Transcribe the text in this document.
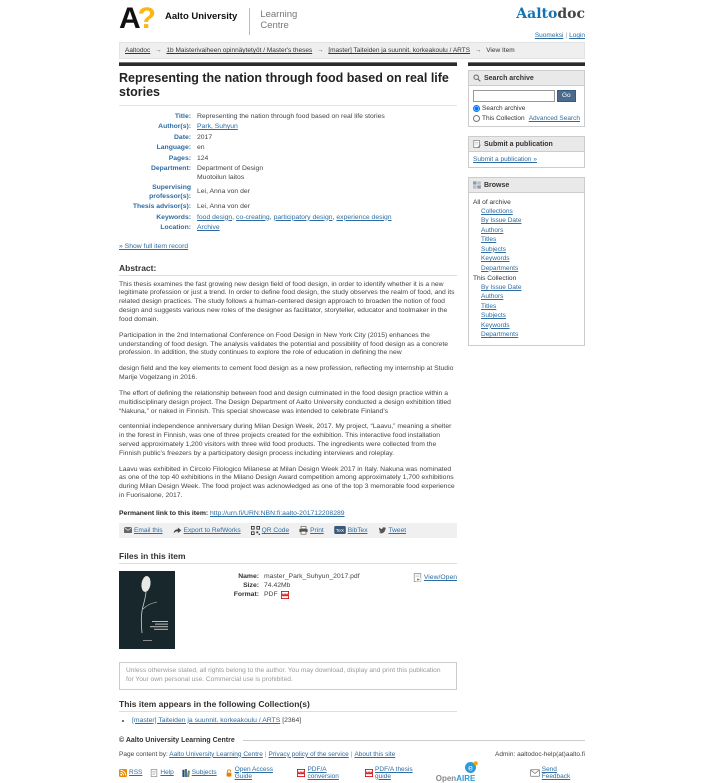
A
? Aalto University Learning
Centre
Aaltodoc
Suomeksi | Login
Aaltodoc → 1b Maisterivaiheen opinnäytetyöt / Master's theses → [master] Taiteiden ja suunnit. korkeakoulu / ARTS → View Item
Representing the nation through food based on real life stories
Title: Representing the nation through food based on real life stories
Author(s): Park, Suhyun
Date: 2017
Language: en
Pages: 124
Department: Department of Design
Muotoilun laitos
Supervising professor(s):
Lei, Anna von der
Thesis advisor(s): Lei, Anna von der
Keywords: food design, co-creating, participatory design, experience design
Location: Archive
» Show full item record
Abstract:

This thesis examines the fast growing new design field of food design, in order to identify whether it is a new legitimate profession or just a trend. In order to define food design, the study observes the realm of food, and its related design practices. The study follows a human-centered design approach to broaden the notion of food design and suggests various new roles of the designer as facilitator, storyteller, educator and toolmaker in the food domain.

Participation in the 2nd International Conference on Food Design in New York City (2015) enhances the understanding of food design. The analysis validates the potential and possibility of food design as a concrete profession. In addition, the study continues to explore the role of education in defining the new

design field and the key elements to cement food design as a new profession, reflecting my internship at Studio Marije Vogelzang in 2016.

The effort of defining the relationship between food and design culminated in the food design practice within a multidisciplinary design project. The Design Department of Aalto University conducted a design exhibition titled “Nakuna,” or naked in Finnish. This special showcase was intended to celebrate Finland's

centennial independence anniversary during Milan Design Week, 2017. My project, “Laavu,” meaning a shelter in the forest in Finnish, was one of three projects created for the exhibition. This interactive food installation served approximately 1,200 visitors with three wild food products. The ingredients were collected from the Finnish public's freezers by a participatory design process including interviews and roleplay.

Laavu was exhibited in Circolo Filologico Milanese at Milan Design Week 2017 in Italy. Nakuna was nominated as one of the top 40 exhibitions in the Milano Design Award competition among approximately 1,700 exhibitions during Milan Design Week. The food project was acknowledged as one of the top 3 memorable food experience in Fuorisalone, 2017.

Permanent link to this item: http://urn.fi/URN:NBN:fi:aalto-201712208289
Email this	Export to RefWorks	QR Code	Print	BibTex	Tweet
Files in this item
Name: master_Park_Suhyun_2017.pdf
Size: 74.42Mb
Format: PDF
View/Open
Unless otherwise stated, all rights belong to the author. You may download, display and print this publication for Your own personal use. Commercial use is prohibited.
This item appears in the following Collection(s)
• [master] Taiteiden ja suunnit. korkeakoulu / ARTS [2364]
Search archive
Go
Search archive
This Collection Advanced Search
Submit a publication
Submit a publication »
Browse
All of archive
Collections
By Issue Date
Authors
Titles
Subjects
Keywords
Departments
This Collection
By Issue Date
Authors
Titles
Subjects
Keywords
Departments
© Aalto University Learning Centre
Page content by: Aalto University Learning Centre | Privacy policy of the service | About this site	Admin: aaltodoc-help(at)aalto.fi
RSS	Help	Subjects	Open Access Guide
PDF/A conversion
PDF/A thesis guide
e
OpenAIRE
Send Feedback
